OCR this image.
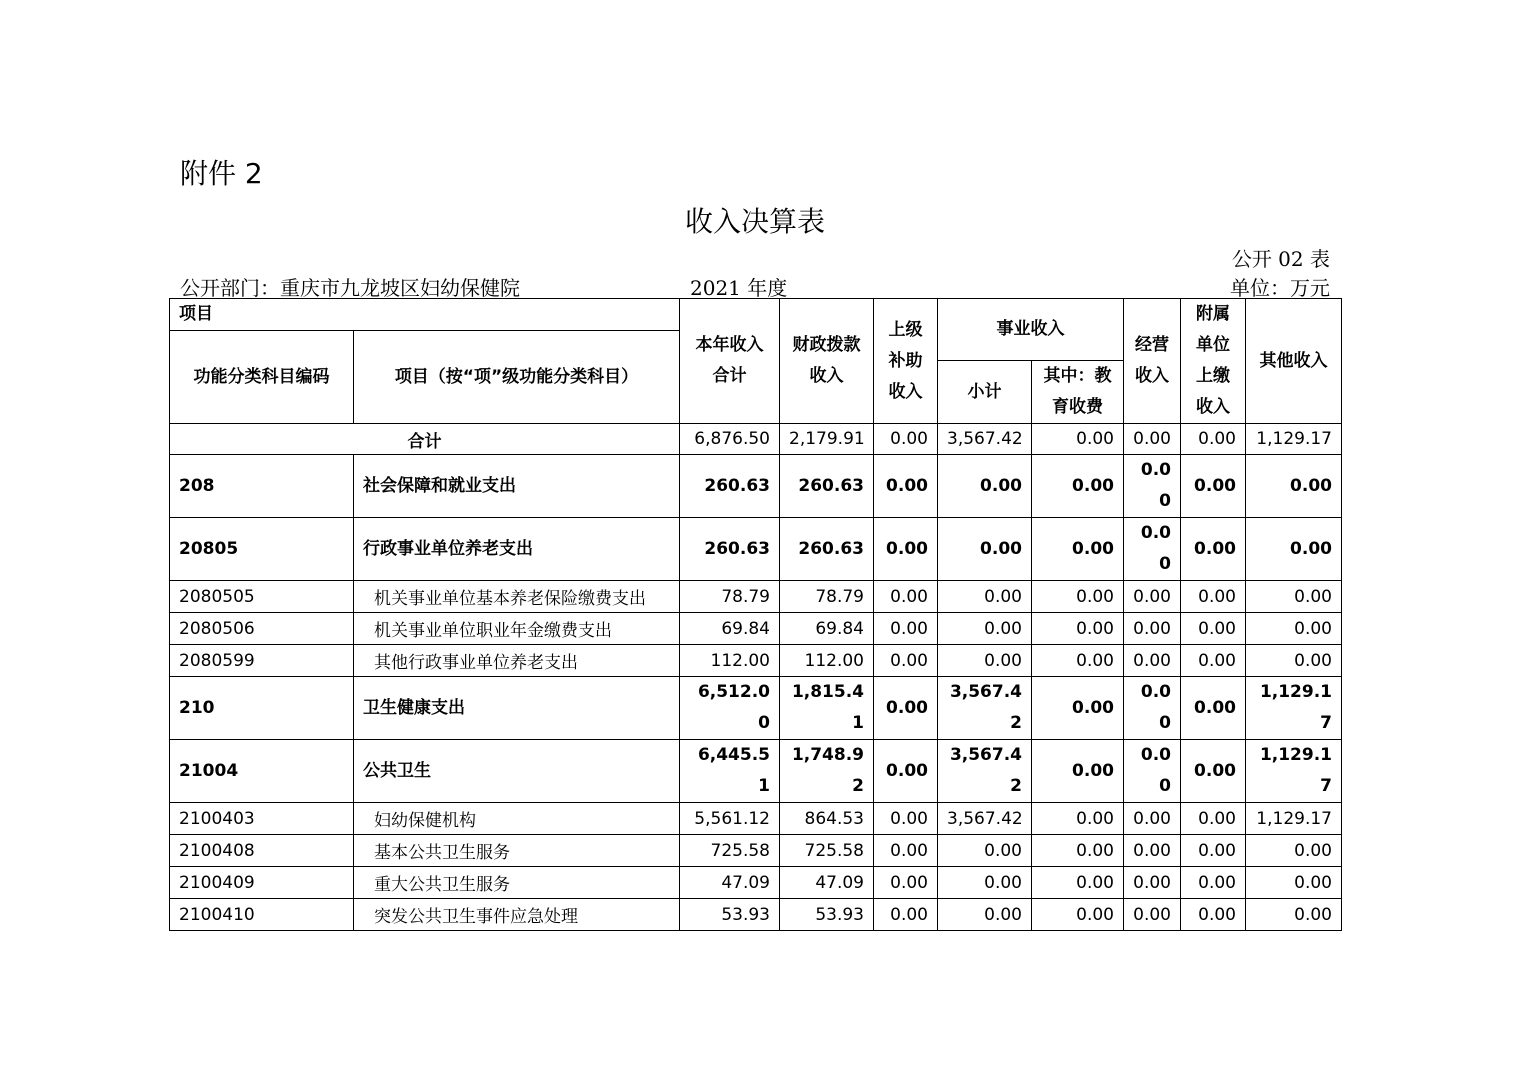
附件 2
收入决算表
公开 02 表
公开部门：重庆市九龙坡区妇幼保健院	2021 年度	单位：万元
项目		本年收入合计	财政拨款收入	上级补助收入	事业收入		经营收入	附属单位上缴收入	其他收入
功能分类科目编码	项目（按“项”级功能分类科目）								
					小计	其中：教育收费			
合计		6,876.50	2,179.91	0.00	3,567.42	0.00	0.00	0.00	1,129.17
208	社会保障和就业支出	260.63	260.63	0.00	0.00	0.00	0.00	0.00	0.00
20805	行政事业单位养老支出	260.63	260.63	0.00	0.00	0.00	0.00	0.00	0.00
2080505	机关事业单位基本养老保险缴费支出	78.79	78.79	0.00	0.00	0.00	0.00	0.00	0.00
2080506	机关事业单位职业年金缴费支出	69.84	69.84	0.00	0.00	0.00	0.00	0.00	0.00
2080599	其他行政事业单位养老支出	112.00	112.00	0.00	0.00	0.00	0.00	0.00	0.00
210	卫生健康支出	6,512.00	1,815.41	0.00	3,567.42	0.00	0.00	0.00	1,129.17
21004	公共卫生	6,445.51	1,748.92	0.00	3,567.42	0.00	0.00	0.00	1,129.17
2100403	妇幼保健机构	5,561.12	864.53	0.00	3,567.42	0.00	0.00	0.00	1,129.17
2100408	基本公共卫生服务	725.58	725.58	0.00	0.00	0.00	0.00	0.00	0.00
2100409	重大公共卫生服务	47.09	47.09	0.00	0.00	0.00	0.00	0.00	0.00
2100410	突发公共卫生事件应急处理	53.93	53.93	0.00	0.00	0.00	0.00	0.00	0.00
